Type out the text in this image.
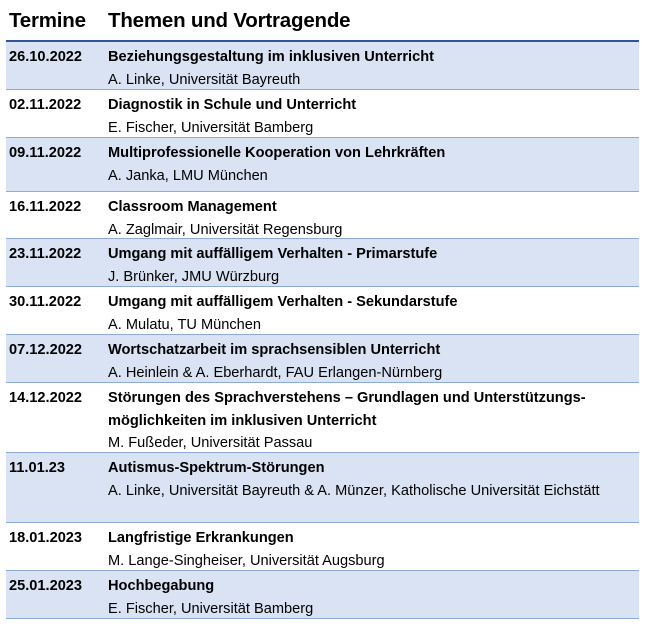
Termine	Themen und Vortragende
26.10.2022	Beziehungsgestaltung im inklusiven Unterricht
A. Linke, Universität Bayreuth
02.11.2022	Diagnostik in Schule und Unterricht
E. Fischer, Universität Bamberg
09.11.2022	Multiprofessionelle Kooperation von Lehrkräften
A. Janka, LMU München
16.11.2022	Classroom Management
A. Zaglmair, Universität Regensburg
23.11.2022	Umgang mit auffälligem Verhalten - Primarstufe
J. Brünker, JMU Würzburg
30.11.2022	Umgang mit auffälligem Verhalten - Sekundarstufe
A. Mulatu, TU München
07.12.2022	Wortschatzarbeit im sprachsensiblen Unterricht
A. Heinlein & A. Eberhardt, FAU Erlangen-Nürnberg
14.12.2022	Störungen des Sprachverstehens – Grundlagen und Unterstützungs-möglichkeiten im inklusiven Unterricht
M. Fußeder, Universität Passau
11.01.23	Autismus-Spektrum-Störungen
A. Linke, Universität Bayreuth & A. Münzer, Katholische Universität Eichstätt
18.01.2023	Langfristige Erkrankungen
M. Lange-Singheiser, Universität Augsburg
25.01.2023	Hochbegabung
E. Fischer, Universität Bamberg
